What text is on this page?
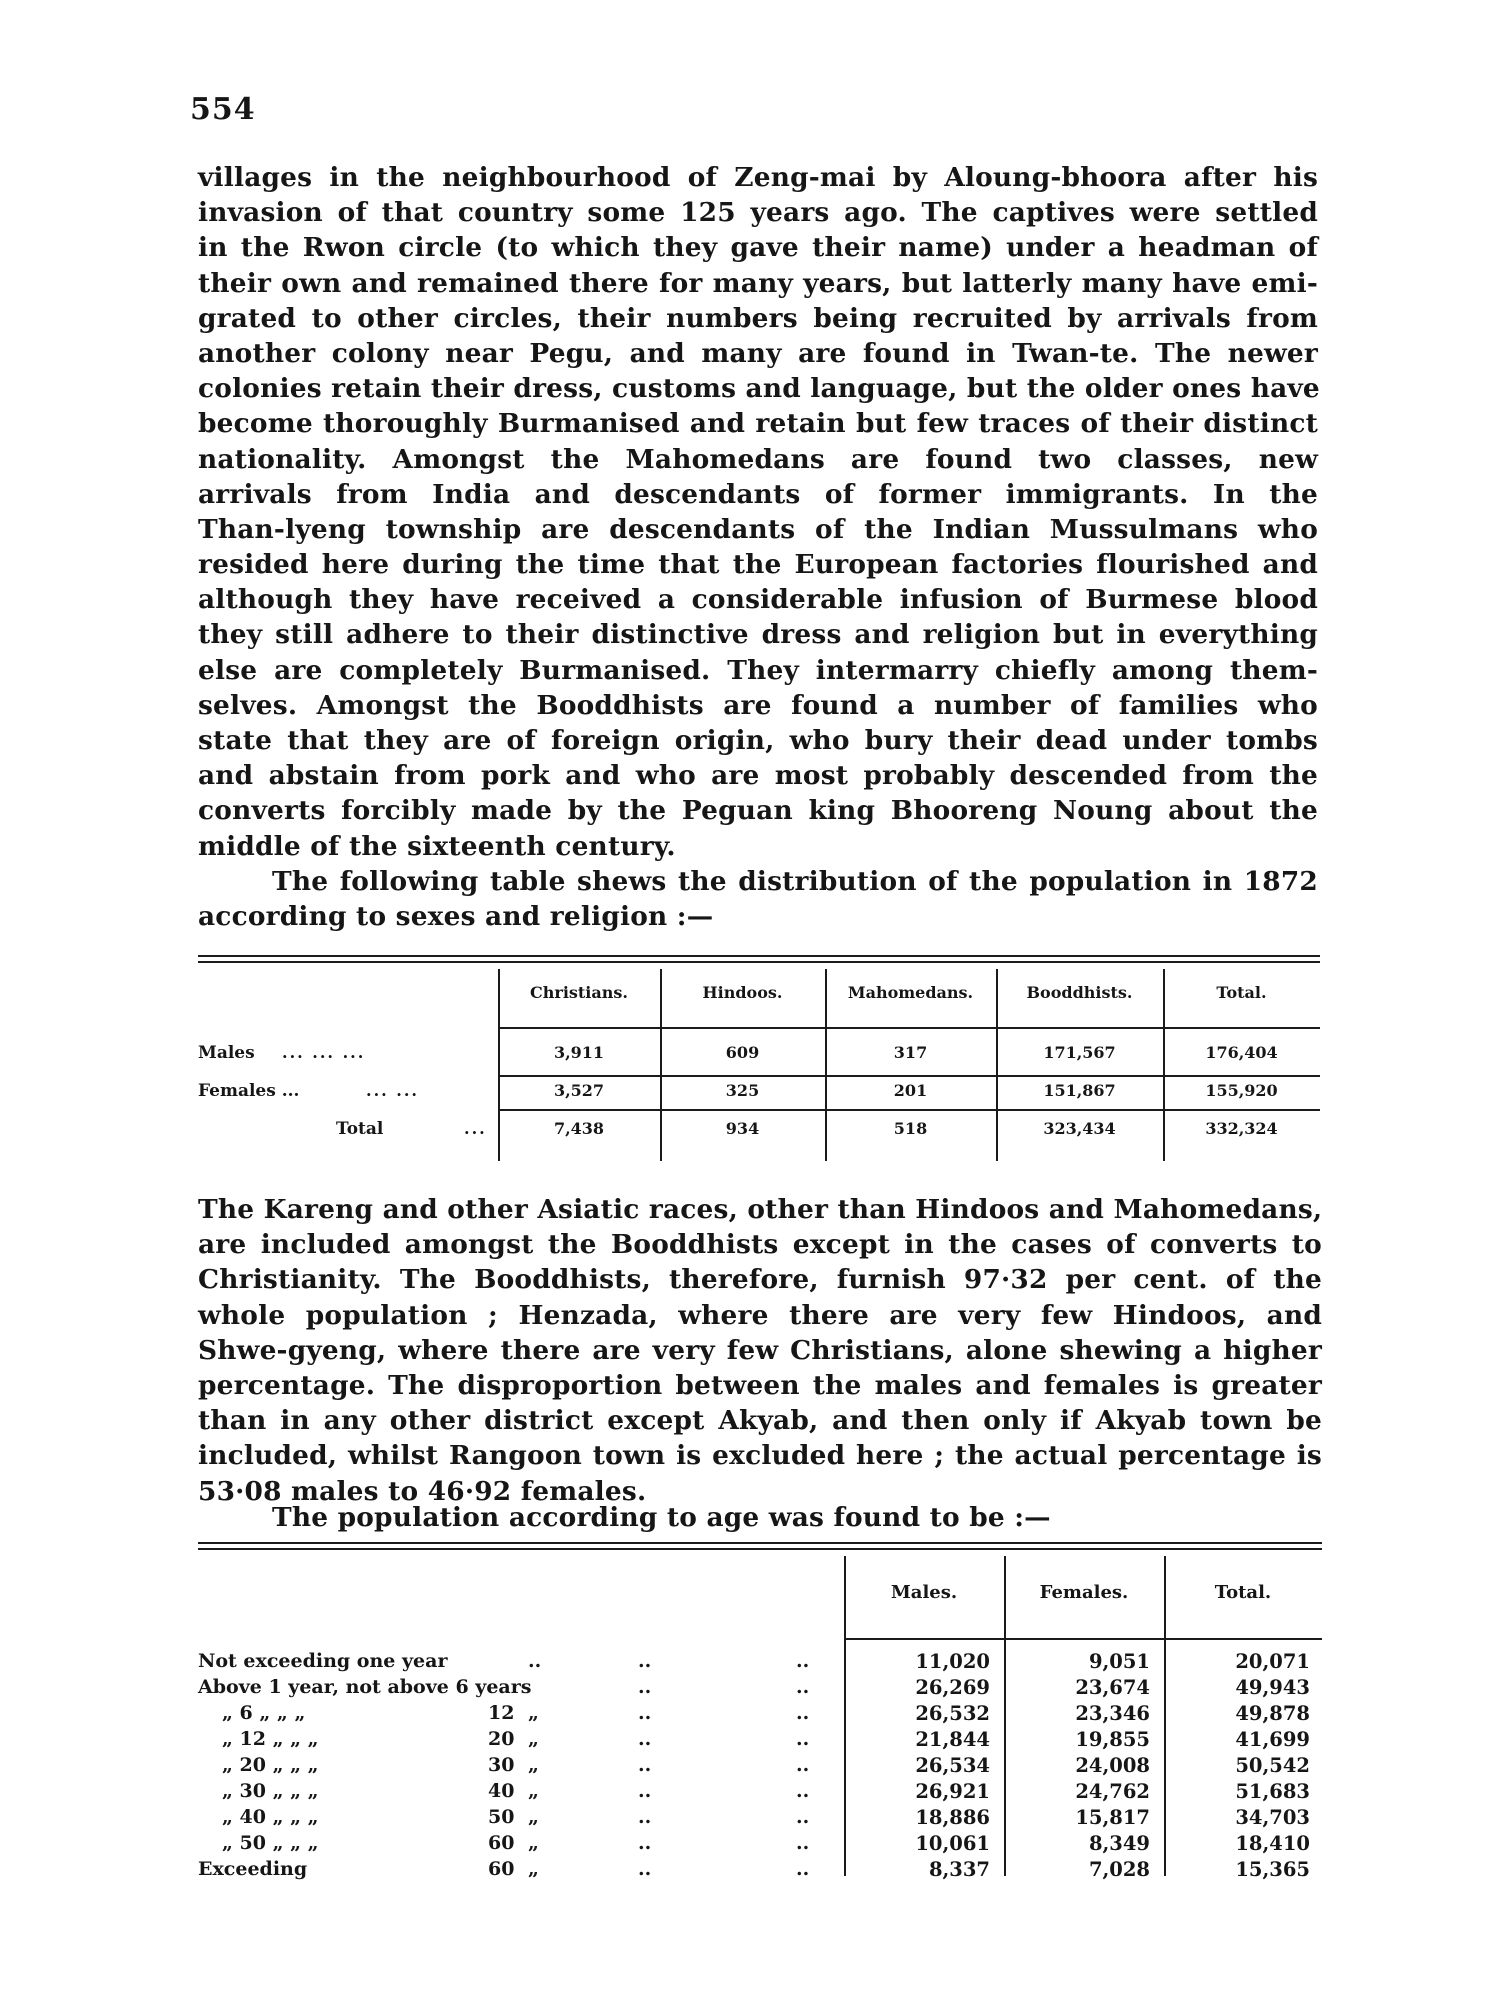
554
villages in the neighbourhood of Zeng-mai by Aloung-bhoora after his
invasion of that country some 125 years ago. The captives were settled
in the Rwon circle (to which they gave their name) under a headman of
their own and remained there for many years, but latterly many have emi-
grated to other circles, their numbers being recruited by arrivals from
another colony near Pegu, and many are found in Twan-te. The newer
colonies retain their dress, customs and language, but the older ones have
become thoroughly Burmanised and retain but few traces of their distinct
nationality. Amongst the Mahomedans are found two classes, new
arrivals from India and descendants of former immigrants. In the
Than-lyeng township are descendants of the Indian Mussulmans who
resided here during the time that the European factories flourished and
although they have received a considerable infusion of Burmese blood
they still adhere to their distinctive dress and religion but in everything
else are completely Burmanised. They intermarry chiefly among them-
selves. Amongst the Booddhists are found a number of families who
state that they are of foreign origin, who bury their dead under tombs
and abstain from pork and who are most probably descended from the
converts forcibly made by the Peguan king Bhooreng Noung about the
middle of the sixteenth century.
The following table shews the distribution of the population in 1872
according to sexes and religion :—
Christians.	Hindoos.	Mahomedans.	Booddhists.	Total.
Males ... ... ...	3,911	609	317	171,567	176,404
Females ...	... ...	3,527	325	201	151,867	155,920
Total	...	7,438	934	518	323,434	332,324
The Kareng and other Asiatic races, other than Hindoos and Mahomedans,
are included amongst the Booddhists except in the cases of converts to
Christianity. The Booddhists, therefore, furnish 97·32 per cent. of the
whole population ; Henzada, where there are very few Hindoos, and
Shwe-gyeng, where there are very few Christians, alone shewing a higher
percentage. The disproportion between the males and females is greater
than in any other district except Akyab, and then only if Akyab town be
included, whilst Rangoon town is excluded here ; the actual percentage is
53·08 males to 46·92 females.
The population according to age was found to be :—
Males.	Females.	Total.
Not exceeding one year	..	..	..	11,020	9,051	20,071
Above 1 year, not above 6 years	..	..	26,269	23,674	49,943
„ 6 „ „ „	12 „	..	..	26,532	23,346	49,878
„ 12 „ „ „	20 „	..	..	21,844	19,855	41,699
„ 20 „ „ „	30 „	..	..	26,534	24,008	50,542
„ 30 „ „ „	40 „	..	..	26,921	24,762	51,683
„ 40 „ „ „	50 „	..	..	18,886	15,817	34,703
„ 50 „ „ „	60 „	..	..	10,061	8,349	18,410
Exceeding	60 „	..	..	8,337	7,028	15,365
